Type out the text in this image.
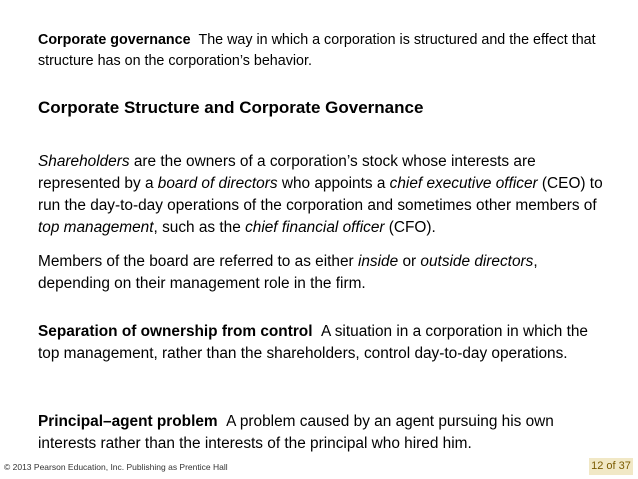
Corporate governance The way in which a corporation is structured and the effect that structure has on the corporation’s behavior.
Corporate Structure and Corporate Governance
Shareholders are the owners of a corporation’s stock whose interests are represented by a board of directors who appoints a chief executive officer (CEO) to run the day-to-day operations of the corporation and sometimes other members of top management, such as the chief financial officer (CFO).
Members of the board are referred to as either inside or outside directors, depending on their management role in the firm.
Separation of ownership from control A situation in a corporation in which the top management, rather than the shareholders, control day-to-day operations.
Principal–agent problem A problem caused by an agent pursuing his own interests rather than the interests of the principal who hired him.
© 2013 Pearson Education, Inc. Publishing as Prentice Hall	12 of 37
